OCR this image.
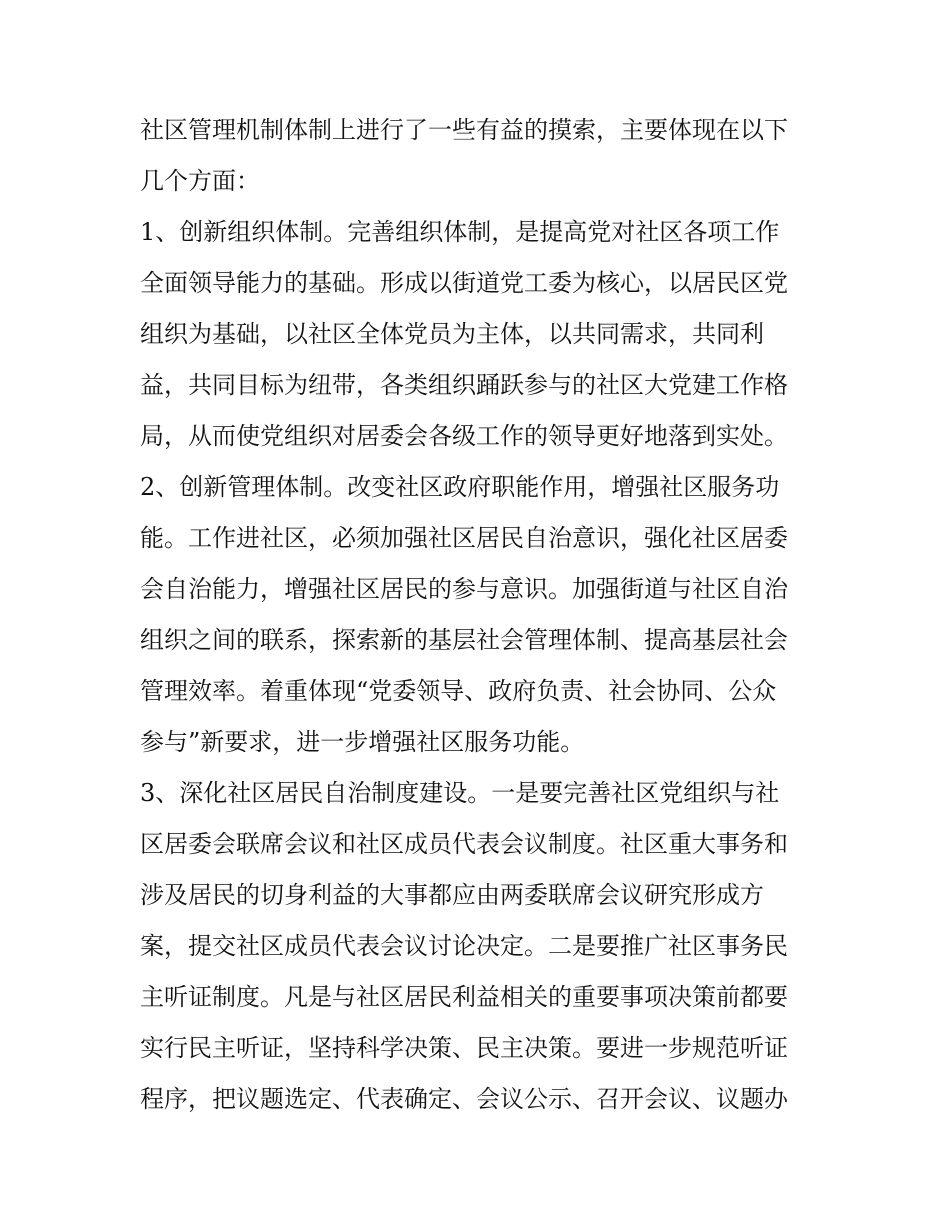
社区管理机制体制上进行了一些有益的摸索，主要体现在以下

几个方面：

1、创新组织体制。完善组织体制，是提高党对社区各项工作

全面领导能力的基础。形成以街道党工委为核心，以居民区党

组织为基础，以社区全体党员为主体，以共同需求，共同利

益，共同目标为纽带，各类组织踊跃参与的社区大党建工作格

局，从而使党组织对居委会各级工作的领导更好地落到实处。

2、创新管理体制。改变社区政府职能作用，增强社区服务功

能。工作进社区，必须加强社区居民自治意识，强化社区居委

会自治能力，增强社区居民的参与意识。加强街道与社区自治

组织之间的联系，探索新的基层社会管理体制、提高基层社会

管理效率。着重体现“党委领导、政府负责、社会协同、公众

参与”新要求，进一步增强社区服务功能。

3、深化社区居民自治制度建设。一是要完善社区党组织与社

区居委会联席会议和社区成员代表会议制度。社区重大事务和

涉及居民的切身利益的大事都应由两委联席会议研究形成方

案，提交社区成员代表会议讨论决定。二是要推广社区事务民

主听证制度。凡是与社区居民利益相关的重要事项决策前都要

实行民主听证，坚持科学决策、民主决策。要进一步规范听证

程序，把议题选定、代表确定、会议公示、召开会议、议题办
